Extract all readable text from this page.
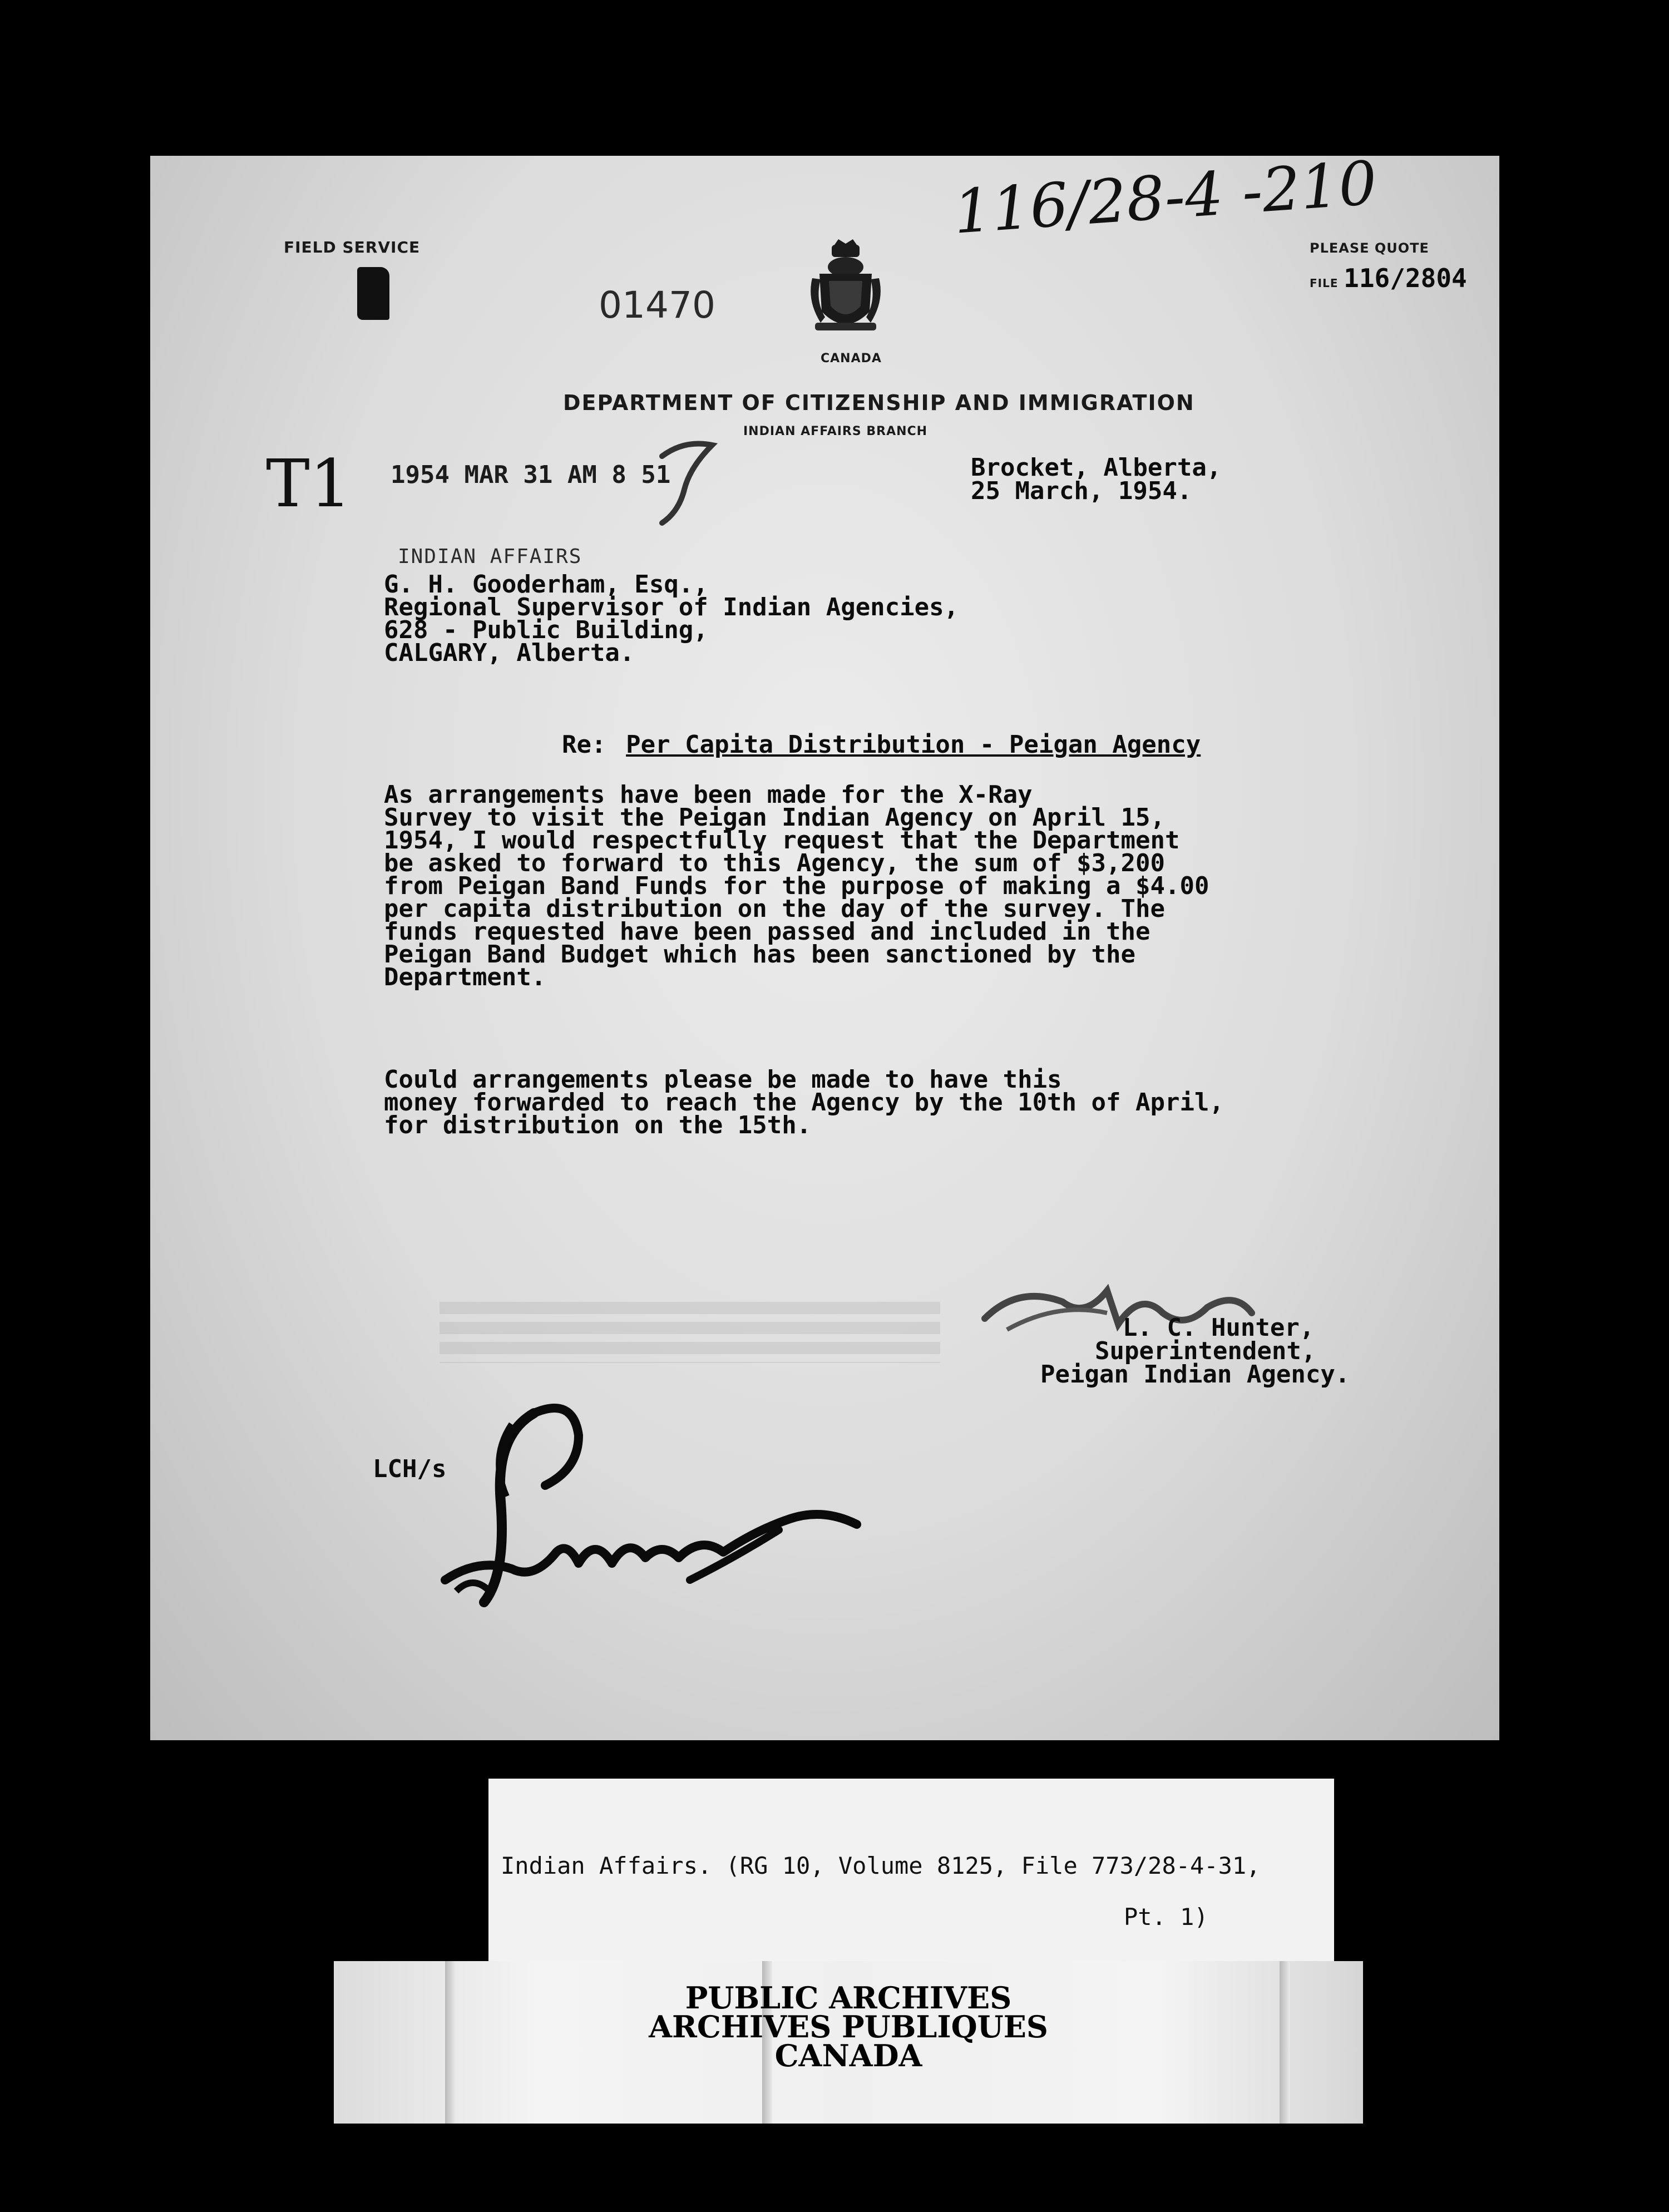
FIELD SERVICE
01470
CANADA
116/28-4 -210
PLEASE QUOTE
FILE 116/2804
DEPARTMENT OF CITIZENSHIP AND IMMIGRATION
INDIAN AFFAIRS BRANCH
T1 1954 MAR 31 AM 8 51	Brocket, Alberta,
25 March, 1954.
INDIAN AFFAIRS
G. H. Gooderham, Esq.,
Regional Supervisor of Indian Agencies,
628 - Public Building,
CALGARY, Alberta.
Re: Per Capita Distribution - Peigan Agency
As arrangements have been made for the X-Ray
Survey to visit the Peigan Indian Agency on April 15,
1954, I would respectfully request that the Department
be asked to forward to this Agency, the sum of $3,200
from Peigan Band Funds for the purpose of making a $4.00
per capita distribution on the day of the survey. The
funds requested have been passed and included in the
Peigan Band Budget which has been sanctioned by the
Department.
Could arrangements please be made to have this
money forwarded to reach the Agency by the 10th of April,
for distribution on the 15th.
L. C. Hunter,
Superintendent,
Peigan Indian Agency.
LCH/s
Indian Affairs. (RG 10, Volume 8125, File 773/28-4-31,
Pt. 1)
PUBLIC ARCHIVES
ARCHIVES PUBLIQUES
CANADA
